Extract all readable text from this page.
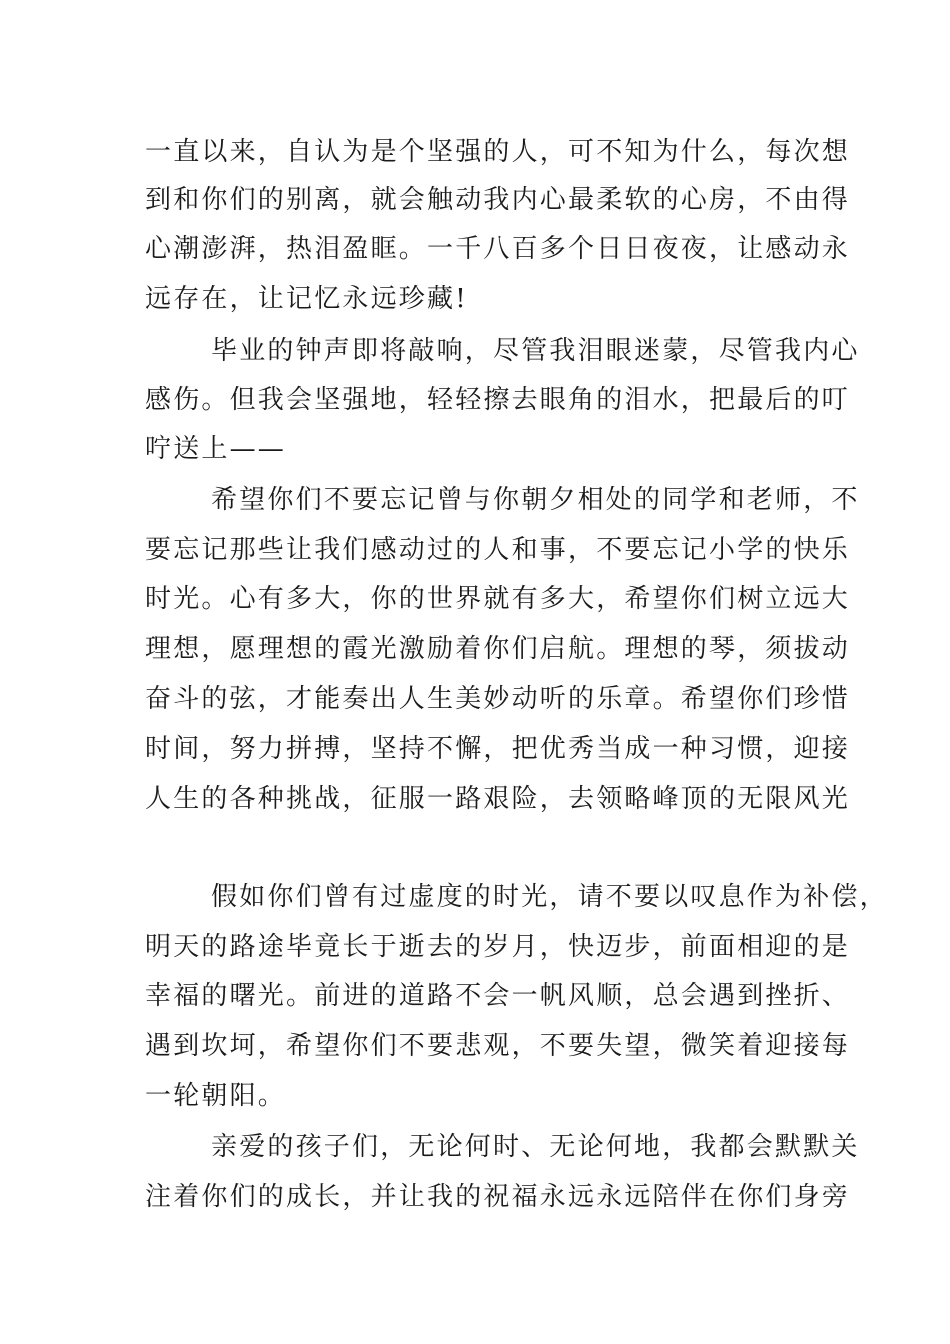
一直以来，自认为是个坚强的人，可不知为什么，每次想
到和你们的别离，就会触动我内心最柔软的心房，不由得
心潮澎湃，热泪盈眶。一千八百多个日日夜夜，让感动永
远存在，让记忆永远珍藏!
毕业的钟声即将敲响，尽管我泪眼迷蒙，尽管我内心
感伤。但我会坚强地，轻轻擦去眼角的泪水，把最后的叮
咛送上——
希望你们不要忘记曾与你朝夕相处的同学和老师，不
要忘记那些让我们感动过的人和事，不要忘记小学的快乐
时光。心有多大，你的世界就有多大，希望你们树立远大
理想，愿理想的霞光激励着你们启航。理想的琴，须拔动
奋斗的弦，才能奏出人生美妙动听的乐章。希望你们珍惜
时间，努力拼搏，坚持不懈，把优秀当成一种习惯，迎接
人生的各种挑战，征服一路艰险，去领略峰顶的无限风光
假如你们曾有过虚度的时光，请不要以叹息作为补偿，
明天的路途毕竟长于逝去的岁月，快迈步，前面相迎的是
幸福的曙光。前进的道路不会一帆风顺，总会遇到挫折、
遇到坎坷，希望你们不要悲观，不要失望，微笑着迎接每
一轮朝阳。
亲爱的孩子们，无论何时、无论何地，我都会默默关
注着你们的成长，并让我的祝福永远永远陪伴在你们身旁
